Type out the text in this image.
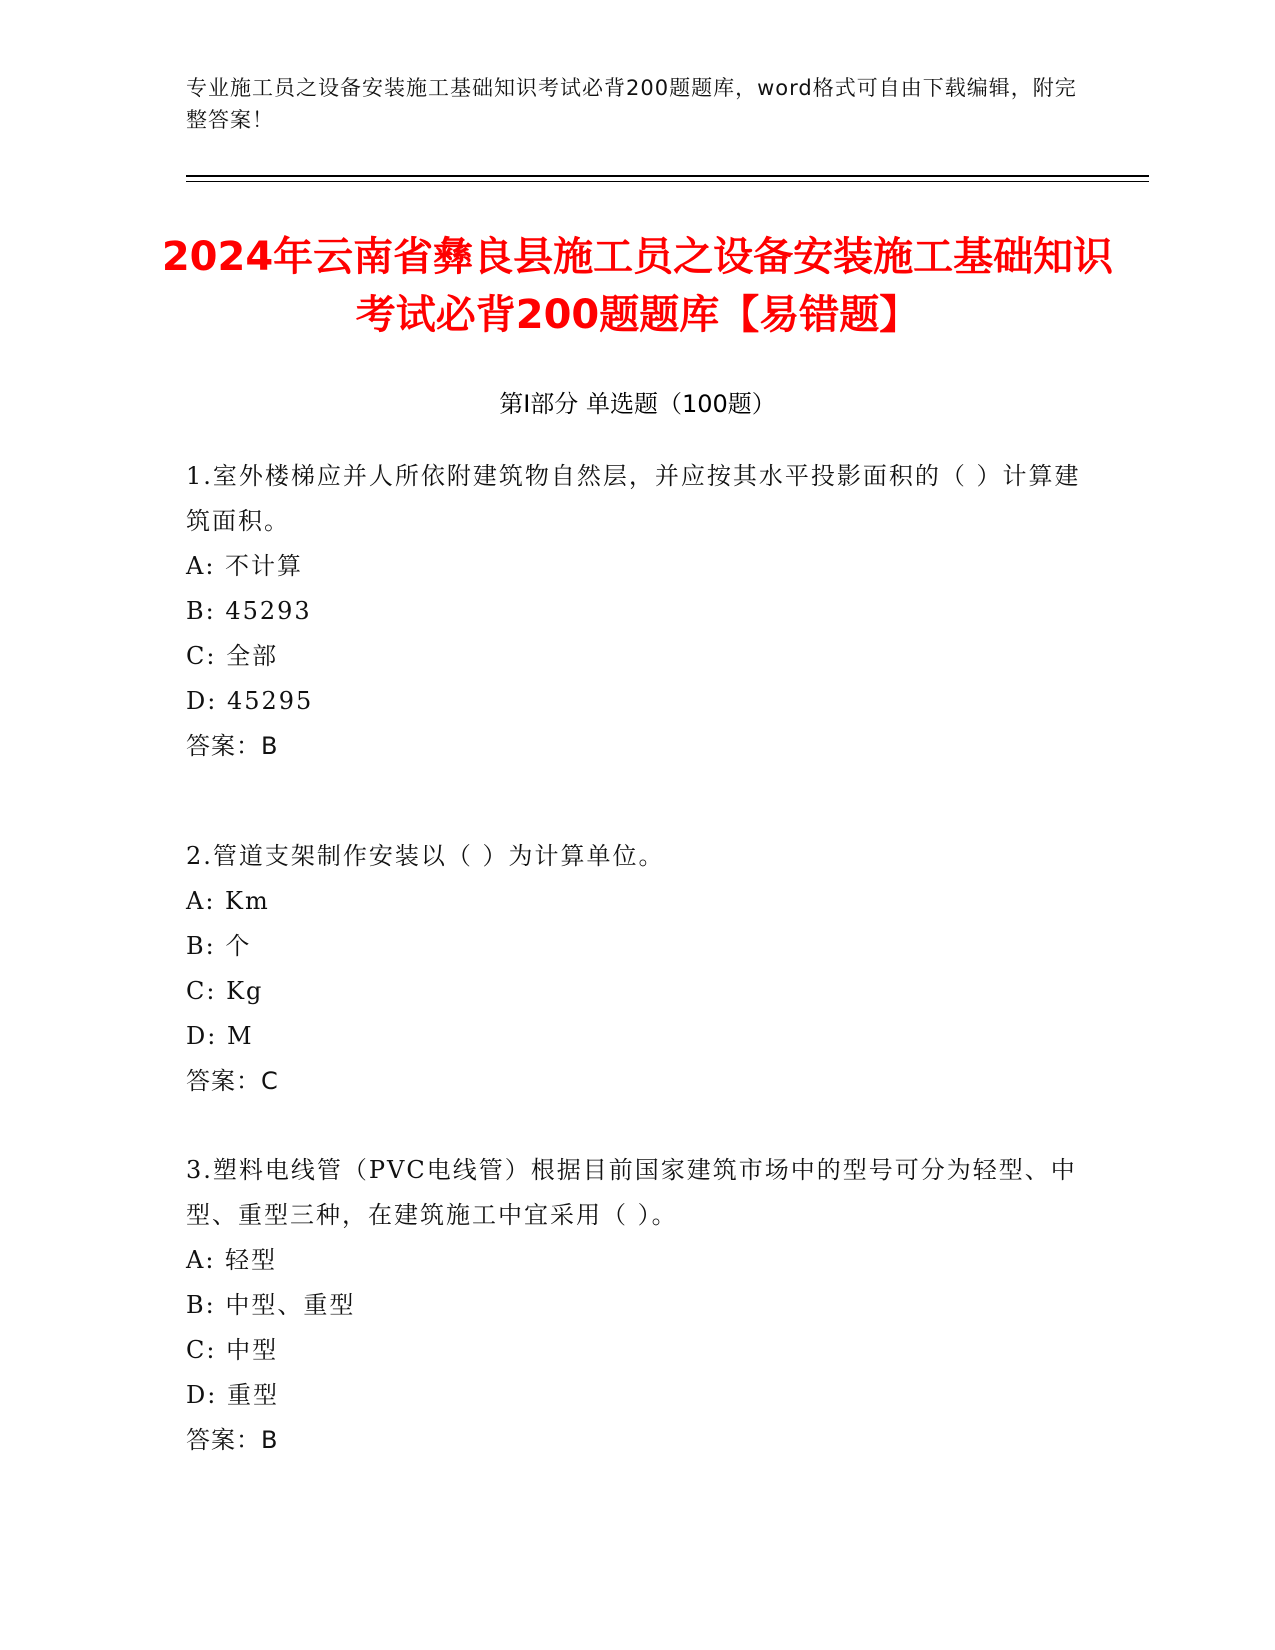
专业施工员之设备安装施工基础知识考试必背200题题库，word格式可自由下载编辑，附完整答案！
2024年云南省彝良县施工员之设备安装施工基础知识考试必背200题题库【易错题】
第I部分 单选题（100题）
1.室外楼梯应并人所依附建筑物自然层，并应按其水平投影面积的（ ）计算建筑面积。
A: 不计算
B: 45293
C: 全部
D: 45295
答案：B
2.管道支架制作安装以（ ）为计算单位。
A: Km
B: 个
C: Kg
D: M
答案：C
3.塑料电线管（PVC电线管）根据目前国家建筑市场中的型号可分为轻型、中型、重型三种，在建筑施工中宜采用（ ）。
A: 轻型
B: 中型、重型
C: 中型
D: 重型
答案：B
